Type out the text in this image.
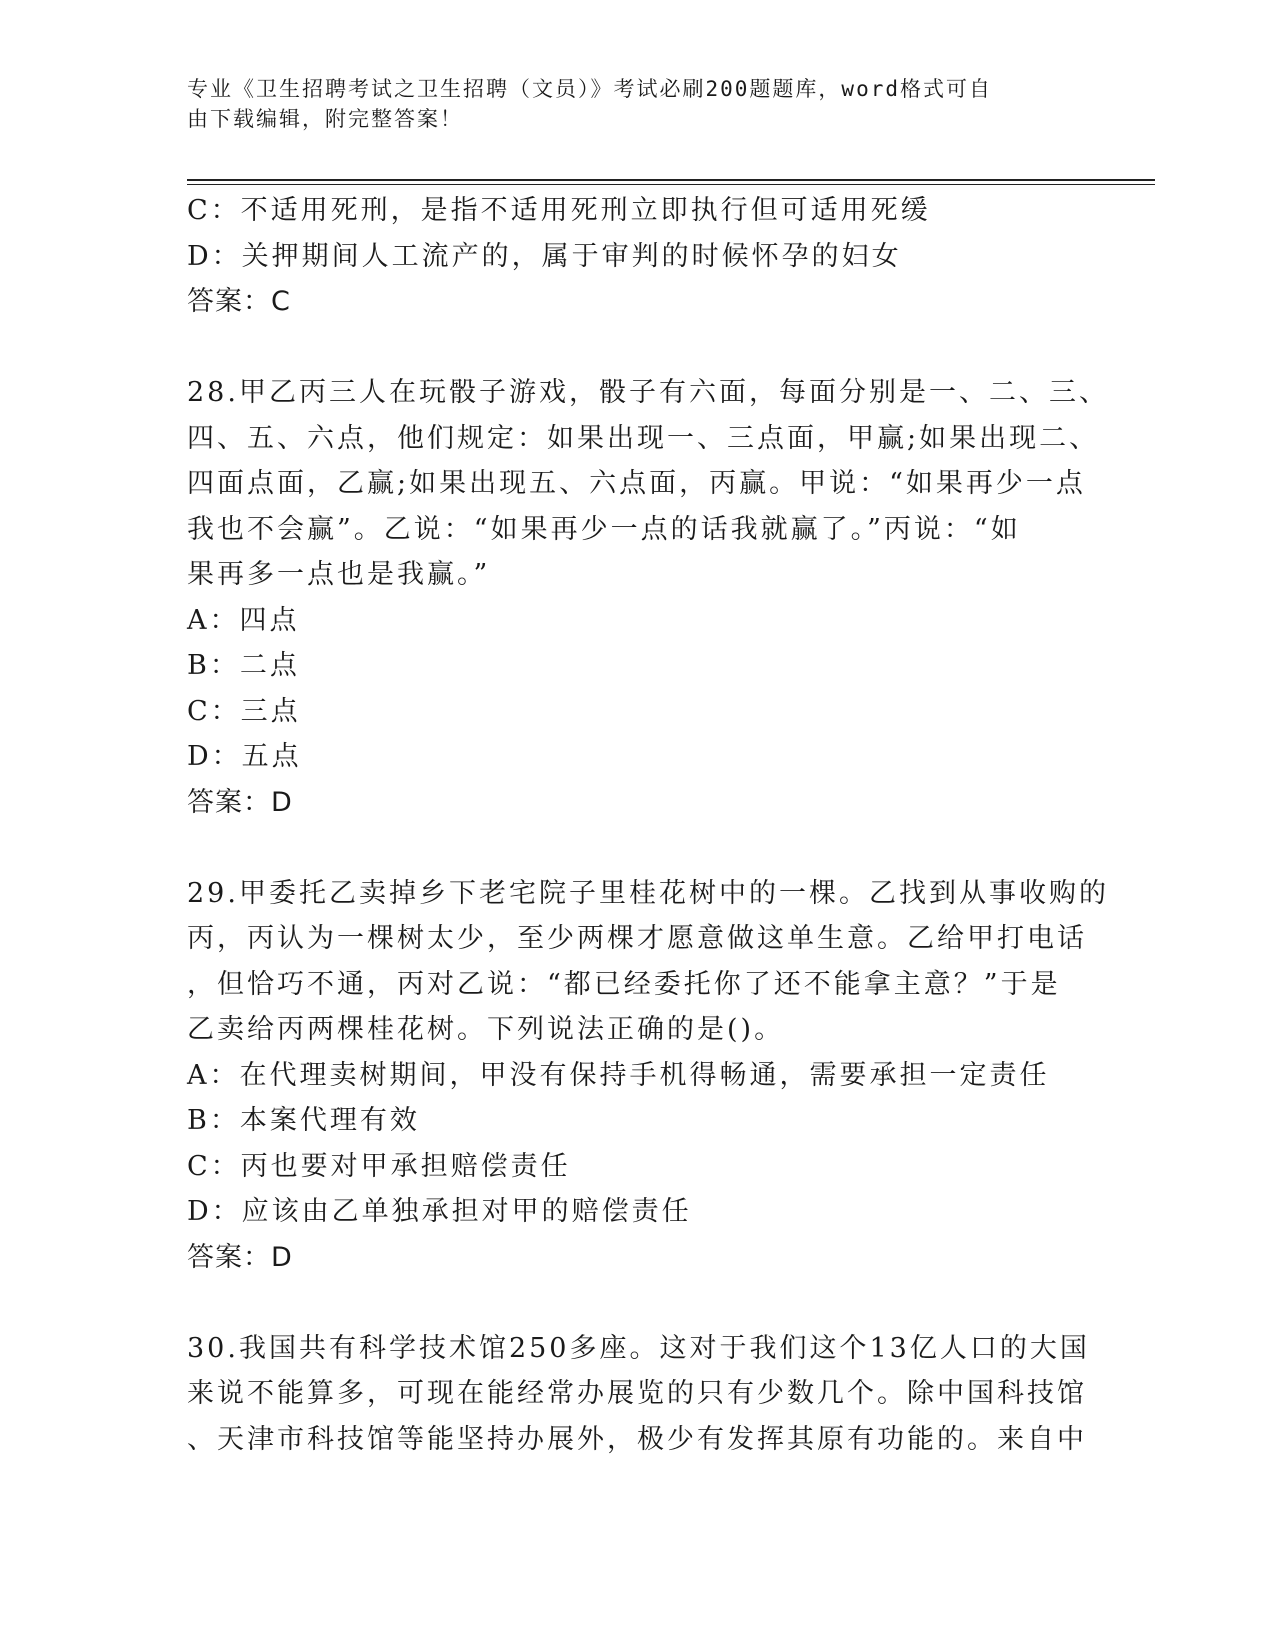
专业《卫生招聘考试之卫生招聘（文员）》考试必刷200题题库，word格式可自
由下载编辑，附完整答案！
C：不适用死刑，是指不适用死刑立即执行但可适用死缓
D：关押期间人工流产的，属于审判的时候怀孕的妇女
答案：C
28.甲乙丙三人在玩骰子游戏，骰子有六面，每面分别是一、二、三、
四、五、六点，他们规定：如果出现一、三点面，甲赢;如果出现二、
四面点面，乙赢;如果出现五、六点面，丙赢。甲说：“如果再少一点
我也不会赢”。乙说：“如果再少一点的话我就赢了。”丙说：“如
果再多一点也是我赢。”
A：四点
B：二点
C：三点
D：五点
答案：D
29.甲委托乙卖掉乡下老宅院子里桂花树中的一棵。乙找到从事收购的
丙，丙认为一棵树太少，至少两棵才愿意做这单生意。乙给甲打电话
，但恰巧不通，丙对乙说：“都已经委托你了还不能拿主意？”于是
乙卖给丙两棵桂花树。下列说法正确的是()。
A：在代理卖树期间，甲没有保持手机得畅通，需要承担一定责任
B：本案代理有效
C：丙也要对甲承担赔偿责任
D：应该由乙单独承担对甲的赔偿责任
答案：D
30.我国共有科学技术馆250多座。这对于我们这个13亿人口的大国
来说不能算多，可现在能经常办展览的只有少数几个。除中国科技馆
、天津市科技馆等能坚持办展外，极少有发挥其原有功能的。来自中
